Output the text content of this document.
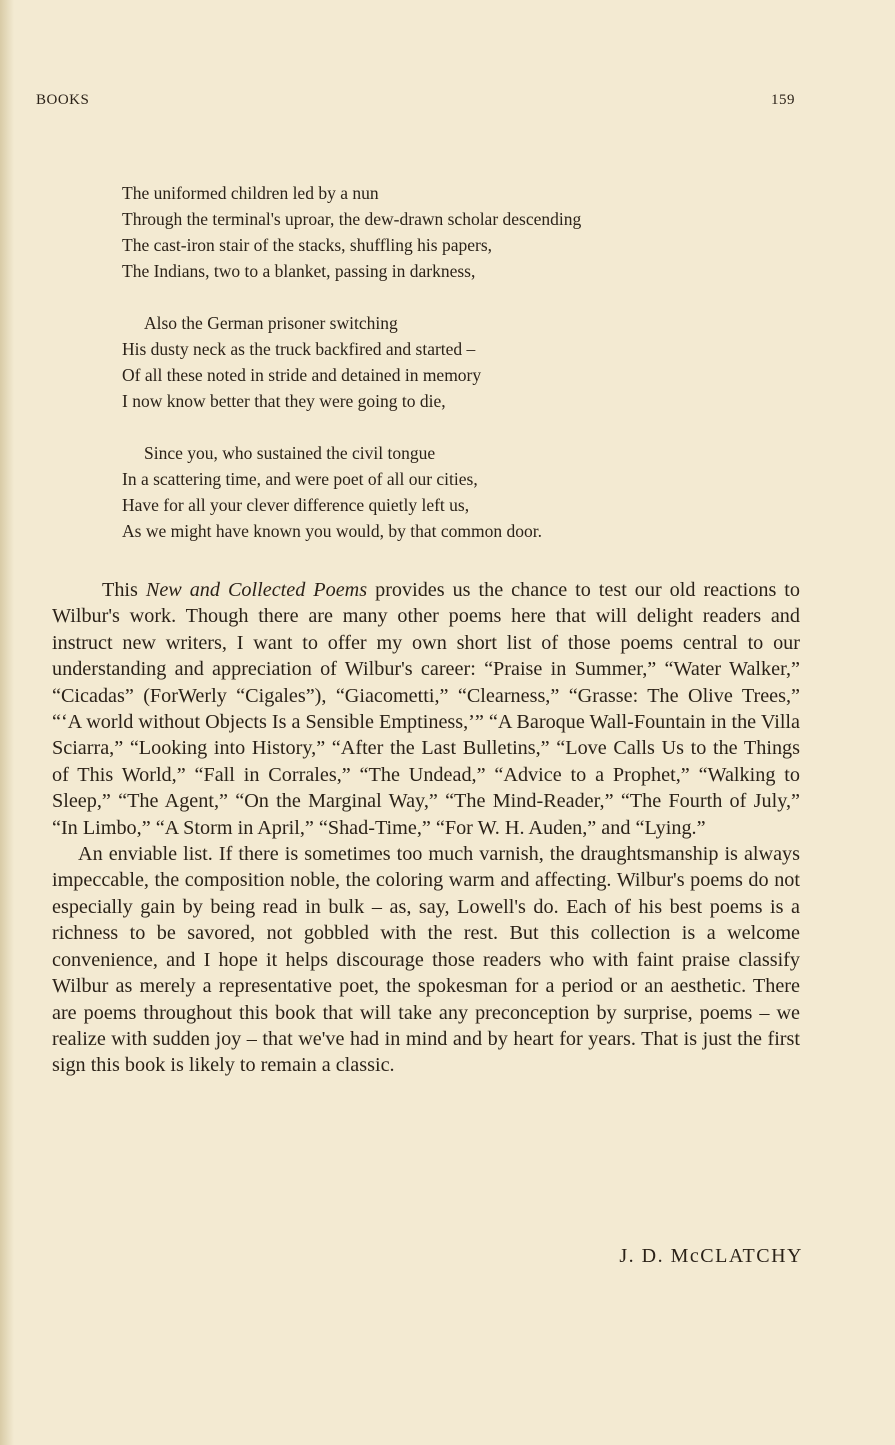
BOOKS	159
The uniformed children led by a nun
Through the terminal's uproar, the dew-drawn scholar descending
The cast-iron stair of the stacks, shuffling his papers,
The Indians, two to a blanket, passing in darkness,
Also the German prisoner switching
His dusty neck as the truck backfired and started –
Of all these noted in stride and detained in memory
I now know better that they were going to die,
Since you, who sustained the civil tongue
In a scattering time, and were poet of all our cities,
Have for all your clever difference quietly left us,
As we might have known you would, by that common door.

This New and Collected Poems provides us the chance to test our old reactions to Wilbur's work. Though there are many other poems here that will delight readers and instruct new writers, I want to offer my own short list of those poems central to our understanding and appreciation of Wilbur's career: “Praise in Summer,” “Water Walker,” “Cicadas” (ForWerly “Cigales”), “Giacometti,” “Clearness,” “Grasse: The Olive Trees,” “‘A world without Objects Is a Sensible Emptiness,’” “A Baroque Wall-Fountain in the Villa Sciarra,” “Looking into History,” “After the Last Bulletins,” “Love Calls Us to the Things of This World,” “Fall in Corrales,” “The Undead,” “Advice to a Prophet,” “Walking to Sleep,” “The Agent,” “On the Marginal Way,” “The Mind-Reader,” “The Fourth of July,” “In Limbo,” “A Storm in April,” “Shad-Time,” “For W. H. Auden,” and “Lying.”

An enviable list. If there is sometimes too much varnish, the draughtsmanship is always impeccable, the composition noble, the coloring warm and affecting. Wilbur's poems do not especially gain by being read in bulk – as, say, Lowell's do. Each of his best poems is a richness to be savored, not gobbled with the rest. But this collection is a welcome convenience, and I hope it helps discourage those readers who with faint praise classify Wilbur as merely a representative poet, the spokesman for a period or an aesthetic. There are poems throughout this book that will take any preconception by surprise, poems – we realize with sudden joy – that we've had in mind and by heart for years. That is just the first sign this book is likely to remain a classic.

J. D. McCLATCHY
